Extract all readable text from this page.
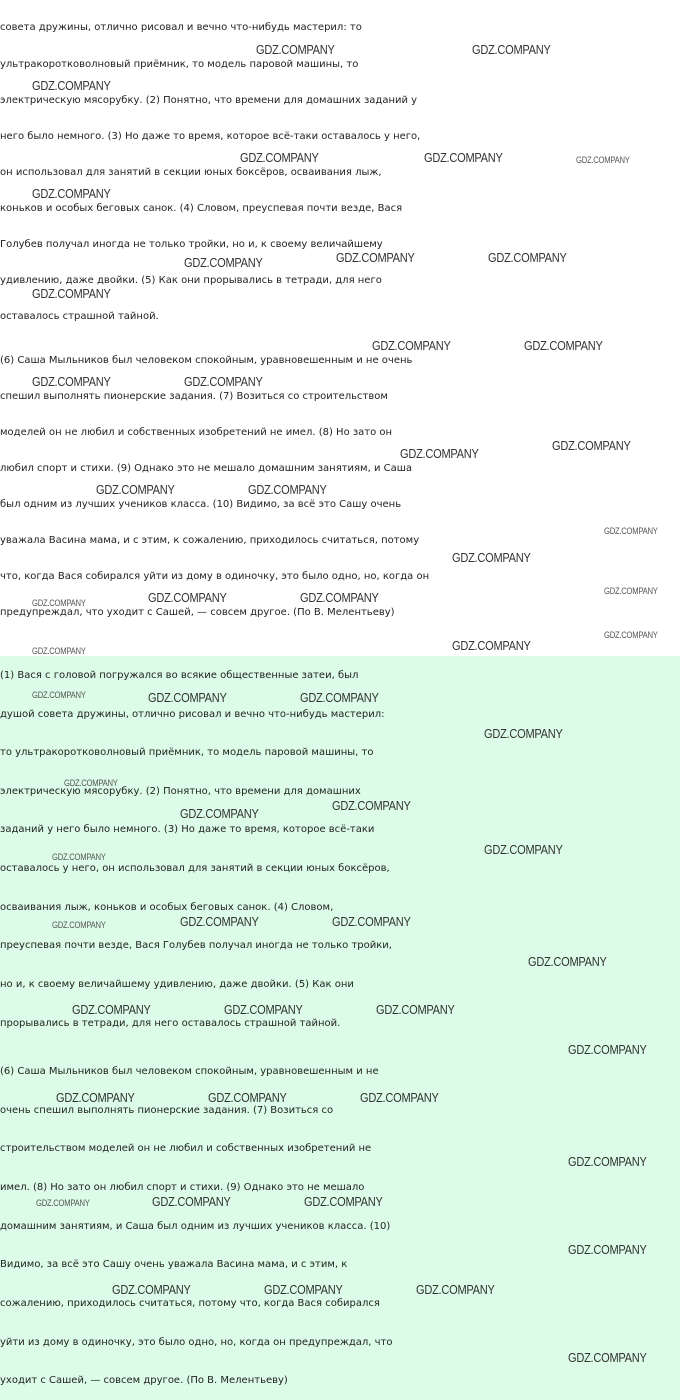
совета дружины, отлично рисовал и вечно что-нибудь мастерил: то
ультракоротковолновый приёмник, то модель паровой машины, то
электрическую мясорубку. (2) Понятно, что времени для домашних заданий у
него было немного. (3) Но даже то время, которое всё-таки оставалось у него,
он использовал для занятий в секции юных боксёров, осваивания лыж,
коньков и особых беговых санок. (4) Словом, преуспевая почти везде, Вася
Голубев получал иногда не только тройки, но и, к своему величайшему
удивлению, даже двойки. (5) Как они прорывались в тетради, для него
оставалось страшной тайной.
(6) Саша Мыльников был человеком спокойным, уравновешенным и не очень
спешил выполнять пионерские задания. (7) Возиться со строительством
моделей он не любил и собственных изобретений не имел. (8) Но зато он
любил спорт и стихи. (9) Однако это не мешало домашним занятиям, и Саша
был одним из лучших учеников класса. (10) Видимо, за всё это Сашу очень
уважала Васина мама, и с этим, к сожалению, приходилось считаться, потому
что, когда Вася собирался уйти из дому в одиночку, это было одно, но, когда он
предупреждал, что уходит с Сашей, — совсем другое. (По В. Мелентьеву)
(1) Вася с головой погружался во всякие общественные затеи, был
душой совета дружины, отлично рисовал и вечно что-нибудь мастерил:
то ультракоротковолновый приёмник, то модель паровой машины, то
электрическую мясорубку. (2) Понятно, что времени для домашних
заданий у него было немного. (3) Но даже то время, которое всё-таки
оставалось у него, он использовал для занятий в секции юных боксёров,
осваивания лыж, коньков и особых беговых санок. (4) Словом,
преуспевая почти везде, Вася Голубев получал иногда не только тройки,
но и, к своему величайшему удивлению, даже двойки. (5) Как они
прорывались в тетради, для него оставалось страшной тайной.
(6) Саша Мыльников был человеком спокойным, уравновешенным и не
очень спешил выполнять пионерские задания. (7) Возиться со
строительством моделей он не любил и собственных изобретений не
имел. (8) Но зато он любил спорт и стихи. (9) Однако это не мешало
домашним занятиям, и Саша был одним из лучших учеников класса. (10)
Видимо, за всё это Сашу очень уважала Васина мама, и с этим, к
сожалению, приходилось считаться, потому что, когда Вася собирался
уйти из дому в одиночку, это было одно, но, когда он предупреждал, что
уходит с Сашей, — совсем другое. (По В. Мелентьеву)
GDZ.COMPANY	GDZ.COMPANY
GDZ.COMPANY
GDZ.COMPANY	GDZ.COMPANY	GDZ.COMPANY
GDZ.COMPANY
GDZ.COMPANY	GDZ.COMPANY	GDZ.COMPANY
GDZ.COMPANY
GDZ.COMPANY	GDZ.COMPANY
GDZ.COMPANY	GDZ.COMPANY
GDZ.COMPANY
GDZ.COMPANY
GDZ.COMPANY	GDZ.COMPANY
GDZ.COMPANY
GDZ.COMPANY
GDZ.COMPANY
GDZ.COMPANY	GDZ.COMPANY
GDZ.COMPANY
GDZ.COMPANY
GDZ.COMPANY	GDZ.COMPANY
GDZ.COMPANY	GDZ.COMPANY	GDZ.COMPANY
GDZ.COMPANY
GDZ.COMPANY
GDZ.COMPANY
GDZ.COMPANY
GDZ.COMPANY
GDZ.COMPANY
GDZ.COMPANY	GDZ.COMPANY	GDZ.COMPANY
GDZ.COMPANY
GDZ.COMPANY	GDZ.COMPANY	GDZ.COMPANY
GDZ.COMPANY
GDZ.COMPANY	GDZ.COMPANY	GDZ.COMPANY
GDZ.COMPANY
GDZ.COMPANY	GDZ.COMPANY	GDZ.COMPANY
GDZ.COMPANY
GDZ.COMPANY	GDZ.COMPANY	GDZ.COMPANY
GDZ.COMPANY
